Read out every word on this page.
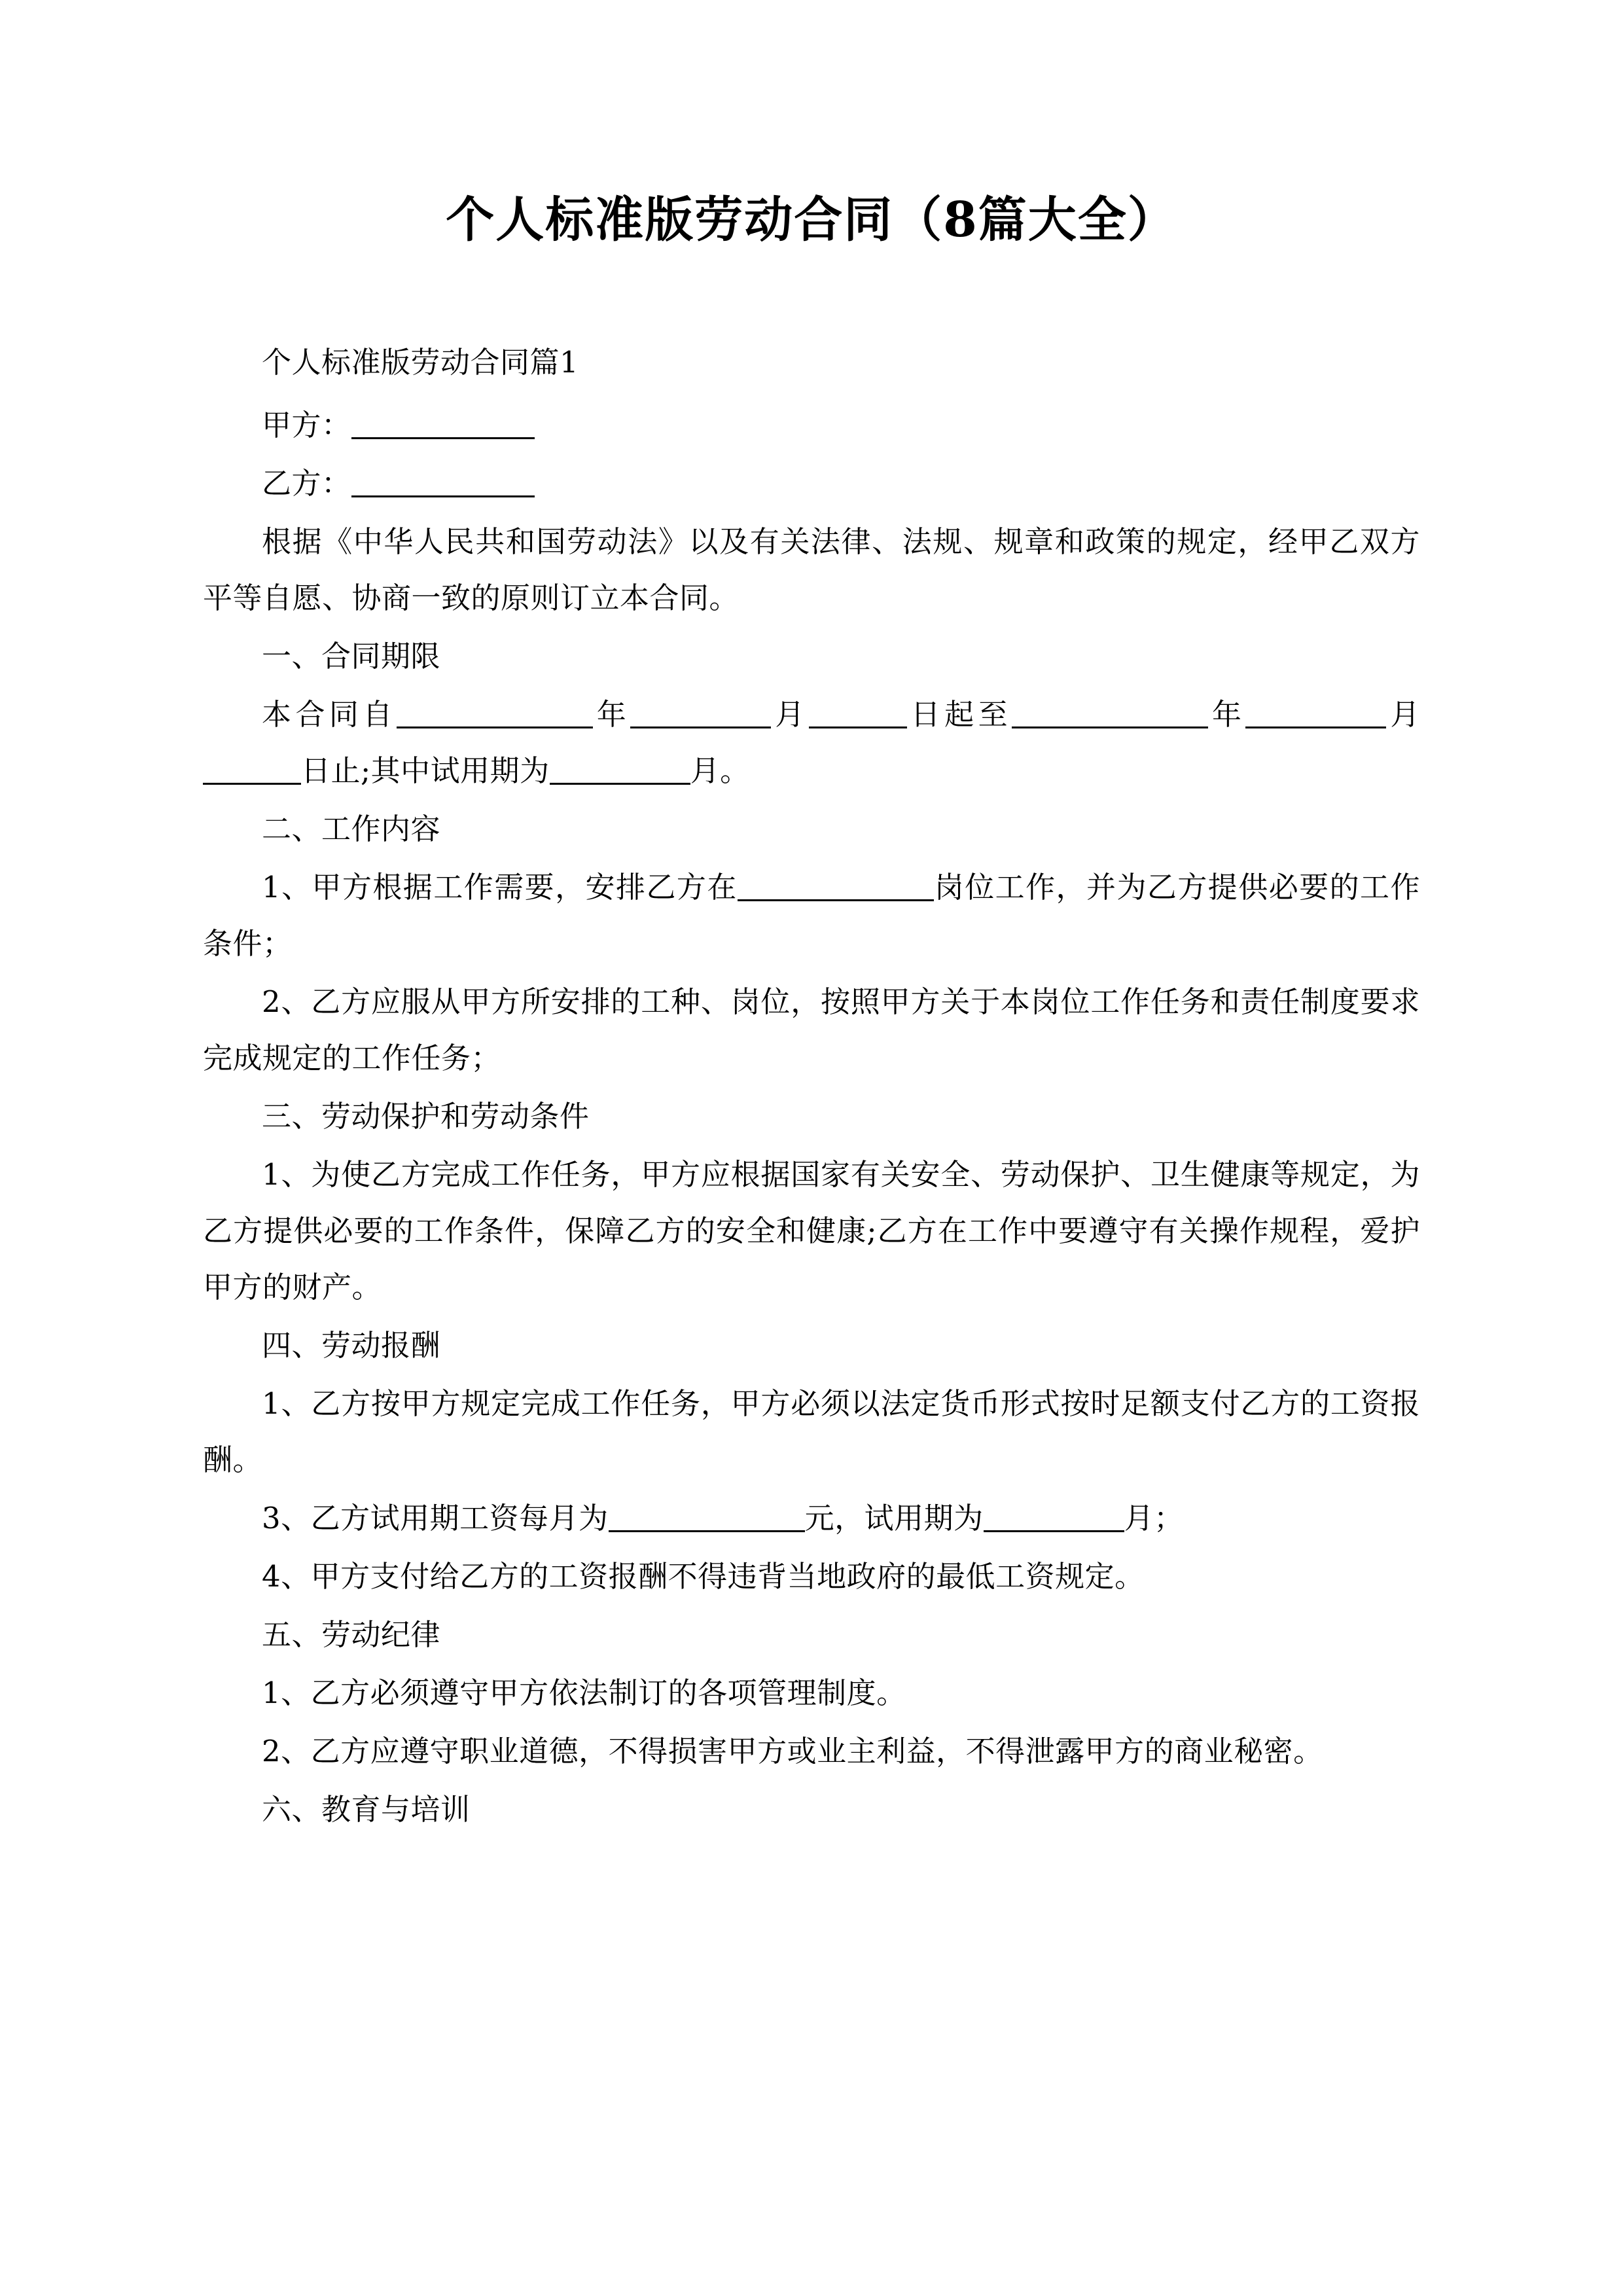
个人标准版劳动合同（8篇大全）

个人标准版劳动合同篇1

甲方：

乙方：

根据《中华人民共和国劳动法》以及有关法律、法规、规章和政策的规定，经甲乙双方平等自愿、协商一致的原则订立本合同。

一、合同期限

本合同自	年	月	日起至	年	月日止;其中试用期为	月。

二、工作内容

1、甲方根据工作需要，安排乙方在	岗位工作，并为乙方提供必要的工作条件；

2、乙方应服从甲方所安排的工种、岗位，按照甲方关于本岗位工作任务和责任制度要求完成规定的工作任务；

三、劳动保护和劳动条件

1、为使乙方完成工作任务，甲方应根据国家有关安全、劳动保护、卫生健康等规定，为乙方提供必要的工作条件，保障乙方的安全和健康;乙方在工作中要遵守有关操作规程，爱护甲方的财产。

四、劳动报酬

1、乙方按甲方规定完成工作任务，甲方必须以法定货币形式按时足额支付乙方的工资报酬。

3、乙方试用期工资每月为	元，试用期为	月；

4、甲方支付给乙方的工资报酬不得违背当地政府的最低工资规定。

五、劳动纪律

1、乙方必须遵守甲方依法制订的各项管理制度。

2、乙方应遵守职业道德，不得损害甲方或业主利益，不得泄露甲方的商业秘密。

六、教育与培训
